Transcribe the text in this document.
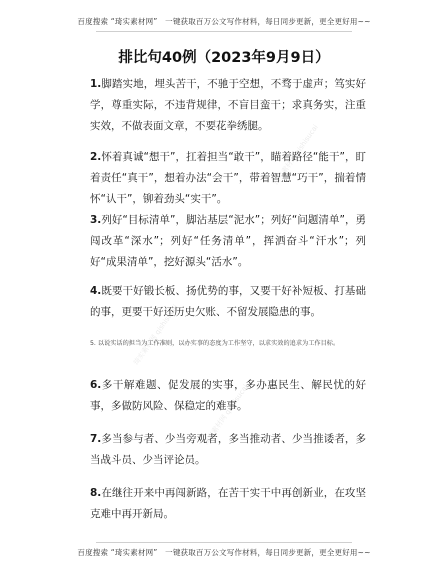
百度搜索 “琦实素材网”　一键获取百万公文写作材料，每日同步更新，更全更好用~~
琦实素材网 qishisucai
琦实素材网 qishisucai
琦实素材网 qishisucai
排比句40例（2023年9月9日）
1.脚踏实地，埋头苦干，不驰于空想，不骛于虚声；笃实好学，尊重实际，不违背规律，不盲目蛮干；求真务实，注重实效，不做表面文章，不要花拳绣腿。
2.怀着真诚“想干”，扛着担当“敢干”，瞄着路径“能干”，盯着责任“真干”，想着办法“会干”，带着智慧“巧干”，揣着情怀“认干”，铆着劲头“实干”。
3.列好“目标清单”，脚沾基层“泥水”；列好“问题清单”，勇闯改革“深水”；列好“任务清单”，挥洒奋斗“汗水”；列好“成果清单”，挖好源头“活水”。
4.既要干好锻长板、扬优势的事，又要干好补短板、打基础的事，更要干好还历史欠账、不留发展隐患的事。
5. 以说实话的担当为工作准则，以办实事的态度为工作坚守，以求实效的追求为工作目标。
6.多干解难题、促发展的实事，多办惠民生、解民忧的好事，多做防风险、保稳定的难事。
7.多当参与者、少当旁观者，多当推动者、少当推诿者，多当战斗员、少当评论员。
8.在继往开来中再闯新路，在苦干实干中再创新业，在攻坚克难中再开新局。
百度搜索 “琦实素材网”　一键获取百万公文写作材料，每日同步更新，更全更好用~~
